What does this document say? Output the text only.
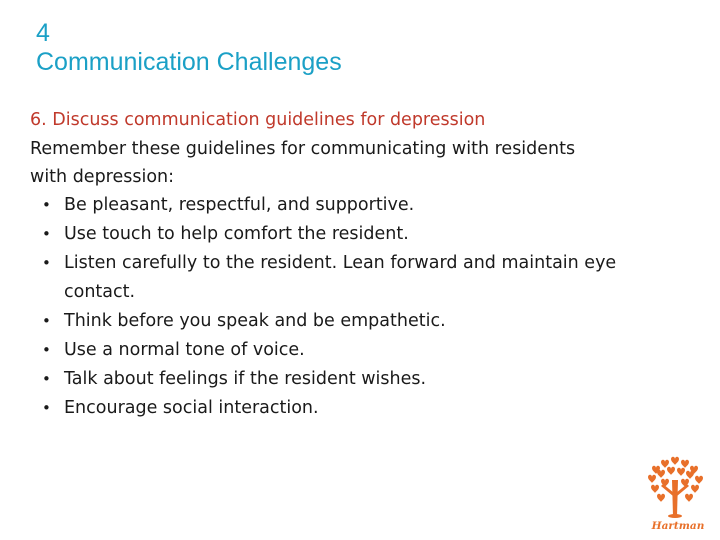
4
Communication Challenges

6. Discuss communication guidelines for depression

Remember these guidelines for communicating with residents
with depression:

• Be pleasant, respectful, and supportive.
• Use touch to help comfort the resident.
• Listen carefully to the resident. Lean forward and maintain eye contact.
• Think before you speak and be empathetic.
• Use a normal tone of voice.
• Talk about feelings if the resident wishes.
• Encourage social interaction.
Hartman
